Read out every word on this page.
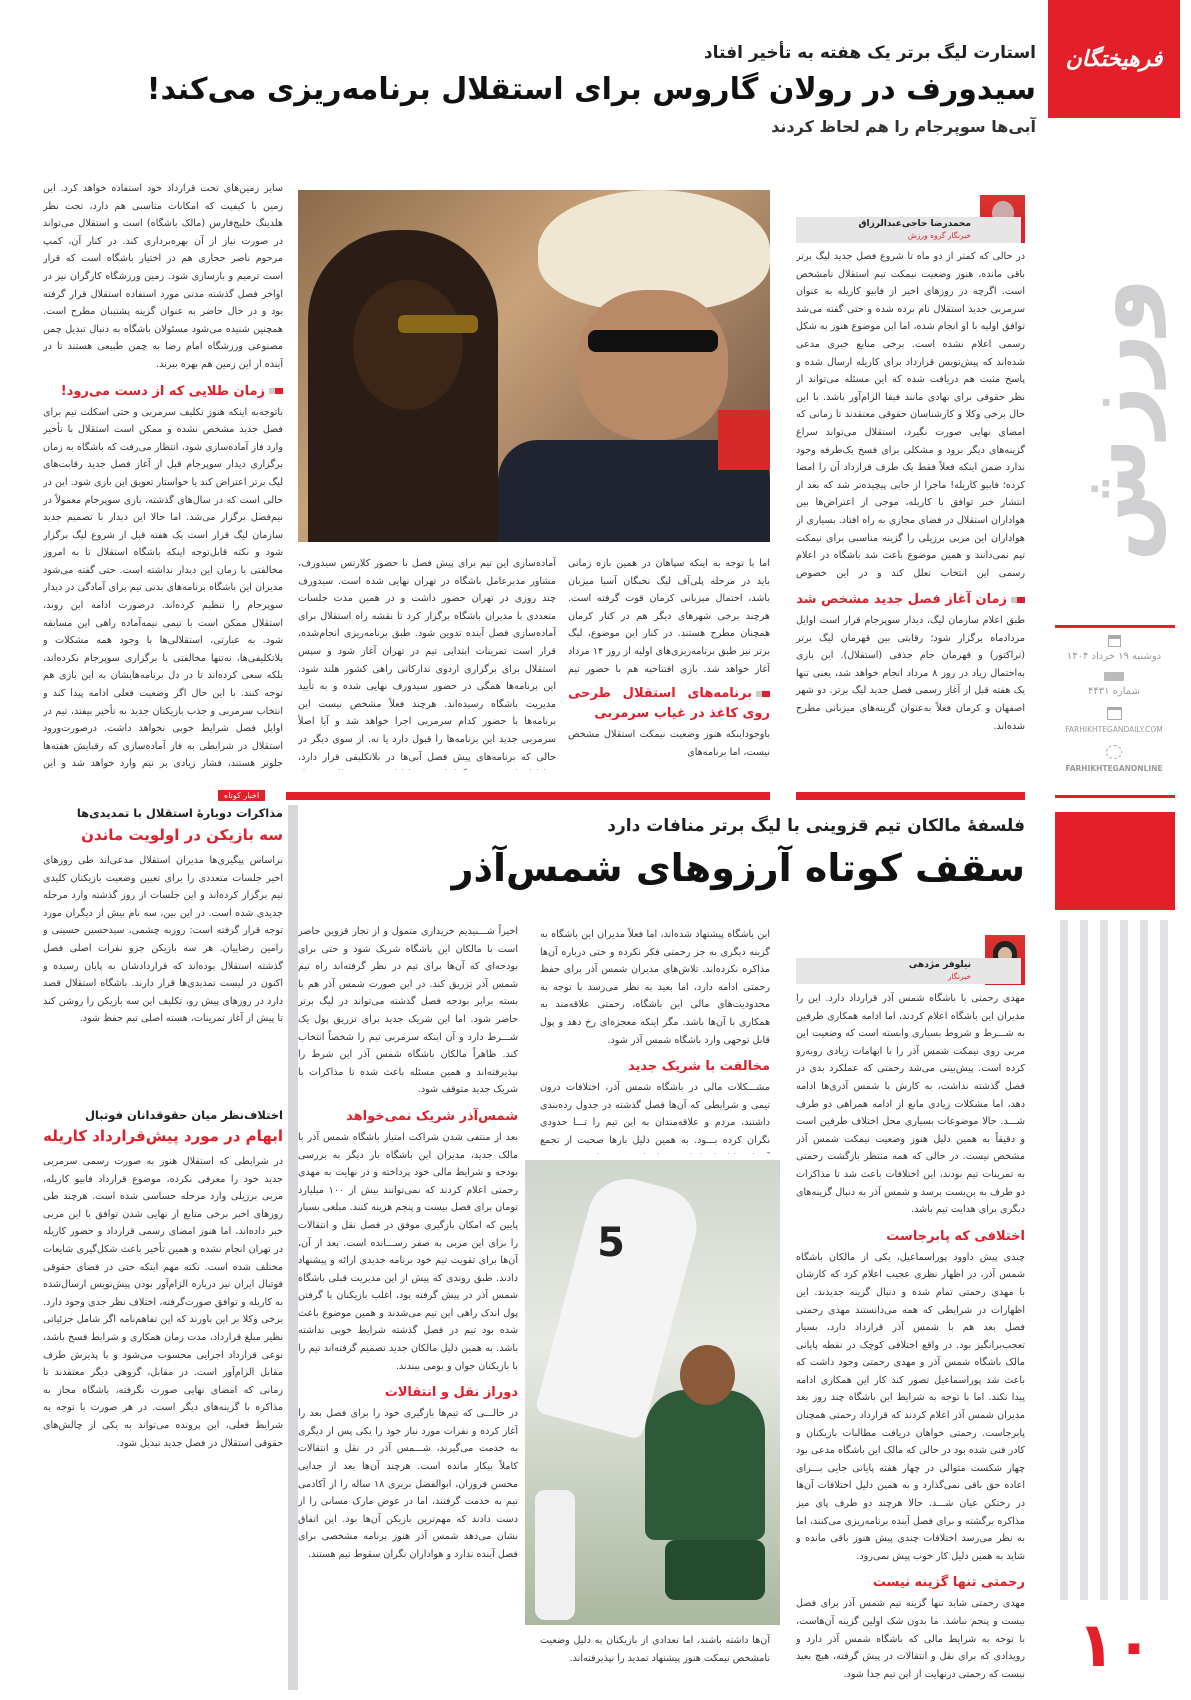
فرهیختگان
ورزش
دوشنبه ۱۹ خرداد ۱۴۰۴
شماره ۴۴۳۱
FARHIKHTEGANDAILY.COM
FARHIKHTEGANONLINE
۱۰
استارت لیگ برتر یک هفته به تأخیر افتاد
سیدورف در رولان گاروس برای استقلال برنامه‌ریزی می‌کند!
آبی‌ها سوپرجام را هم لحاظ کردند
محمدرضا حاجی‌عبدالرزاق
خبرنگار گروه ورزش

در حالی که کمتر از دو ماه تا شروع فصل جدید لیگ برتر باقی مانده، هنوز وضعیت نیمکت تیم استقلال نامشخص است. اگرچه در روزهای اخیر از فابیو کاریله به عنوان سرمربی جدید استقلال نام برده شده و حتی گفته می‌شد توافق اولیه با او انجام شده، اما این موضوع هنوز به شکل رسمی اعلام نشده است. برخی منابع خبری مدعی شده‌اند که پیش‌نویس قرارداد برای کاریله ارسال شده و پاسخ مثبت هم دریافت شده که این مسئله می‌تواند از نظر حقوقی برای نهادی مانند فیفا الزام‌آور باشد. با این حال برخی وکلا و کارشناسان حقوقی معتقدند تا زمانی که امضای نهایی صورت نگیرد، استقلال می‌تواند سراغ گزینه‌های دیگر برود و مشکلی برای فسخ یک‌طرفه وجود ندارد ضمن اینکه فعلاً فقط یک طرف قرارداد آن را امضا کرده؛ فابیو کاریله! ماجرا از جایی پیچیده‌تر شد که بعد از انتشار خبر توافق با کاریله، موجی از اعتراض‌ها بین هواداران استقلال در فضای مجازی به راه افتاد. بسیاری از هواداران این مربی برزیلی را گزینه مناسبی برای نیمکت تیم نمی‌دانند و همین موضوع باعث شد باشگاه در اعلام رسمی این انتخاب تعلل کند و در این خصوص

زمان آغاز فصل جدید مشخص شد

طبق اعلام سازمان لیگ، دیدار سوپرجام قرار است اوایل مردادماه برگزار شود؛ رقابتی بین قهرمان لیگ برتر (تراکتور) و قهرمان جام حذفی (استقلال). این بازی به‌احتمال زیاد در روز ۸ مرداد انجام خواهد شد، یعنی تنها یک هفته قبل از آغاز رسمی فصل جدید لیگ برتر. دو شهر اصفهان و کرمان فعلاً به‌عنوان گزینه‌های میزبانی مطرح شده‌اند.

اما با توجه به اینکه سپاهان در همین بازه زمانی باید در مرحله پلی‌آف لیگ نخبگان آسیا میزبان باشد، احتمال میزبانی کرمان قوت گرفته است. هرچند برخی شهرهای دیگر هم در کنار کرمان همچنان مطرح هستند. در کنار این موضوع، لیگ برتر نیز طبق برنامه‌ریزی‌های اولیه از روز ۱۴ مرداد آغاز خواهد شد. بازی افتتاحیه هم با حضور تیم

برنامه‌های استقلال طرحی روی کاغذ در غیاب سرمربی

باوجوداینکه هنوز وضعیت نیمکت استقلال مشخص نیست، اما برنامه‌های

آماده‌سازی این تیم برای پیش فصل با حضور کلارنس سیدورف، مشاور مدیرعامل باشگاه در تهران نهایی شده است. سیدورف چند روزی در تهران حضور داشت و در همین مدت جلسات متعددی با مدیران باشگاه برگزار کرد تا نقشه راه استقلال برای آماده‌سازی فصل آینده تدوین شود. طبق برنامه‌ریزی انجام‌شده، قرار است تمرینات ابتدایی تیم در تهران آغاز شود و سپس استقلال برای برگزاری اردوی تدارکاتی راهی کشور هلند شود. این برنامه‌ها همگی در حضور سیدورف نهایی شده و به تأیید مدیریت باشگاه رسیده‌اند. هرچند فعلاً مشخص نیست این برنامه‌ها با حضور کدام سرمربی اجرا خواهد شد و آیا اصلاً سرمربی جدید این برنامه‌ها را قبول دارد یا نه. از سوی دیگر در حالی که برنامه‌های پیش فصل آبی‌ها در بلاتکلیفی قرار دارد،

سایر زمین‌های تحت قرارداد خود استفاده خواهد کرد. این زمین با کیفیت که امکانات مناسبی هم دارد، تحت نظر هلدینگ خلیج‌فارس (مالک باشگاه) است و استقلال می‌تواند در صورت نیاز از آن بهره‌برداری کند. در کنار آن، کمپ مرحوم ناصر حجازی هم در اختیار باشگاه است که قرار است ترمیم و بازسازی شود. زمین ورزشگاه کارگران نیز در اواخر فصل گذشته مدتی مورد استفاده استقلال قرار گرفته بود و در حال حاضر به عنوان گزینه پشتیبان مطرح است. همچنین شنیده می‌شود مسئولان باشگاه به دنبال تبدیل چمن مصنوعی ورزشگاه امام رضا به چمن طبیعی هستند تا در آینده از این زمین هم بهره ببرند.

زمان طلایی که از دست می‌رود!

باتوجه‌به اینکه هنوز تکلیف سرمربی و حتی اسکلت تیم برای فصل جدید مشخص نشده و ممکن است استقلال با تأخیر وارد فاز آماده‌سازی شود، انتظار می‌رفت که باشگاه به زمان برگزاری دیدار سوپرجام قبل از آغاز فصل جدید رقابت‌های لیگ برتر اعتراض کند یا خواستار تعویق این بازی شود. این در حالی است که در سال‌های گذشته، بازی سوپرجام معمولاً در نیم‌فصل برگزار می‌شد. اما حالا این دیدار با تصمیم جدید سازمان لیگ قرار است یک هفته قبل از شروع لیگ برگزار شود و نکته قابل‌توجه اینکه باشگاه استقلال تا به امروز مخالفتی با زمان این دیدار نداشته است. حتی گفته می‌شود مدیران این باشگاه برنامه‌های بدنی تیم برای آمادگی در دیدار سوپرجام را تنظیم کرده‌اند. درصورت ادامه این روند، استقلال ممکن است با تیمی نیمه‌آماده راهی این مسابقه شود. به عبارتی، استقلالی‌ها با وجود همه مشکلات و بلاتکلیفی‌ها، نه‌تنها مخالفتی با برگزاری سوپرجام نکرده‌اند، بلکه سعی کرده‌اند تا در دل برنامه‌هایشان به این بازی هم توجه کنند. با این حال اگر وضعیت فعلی ادامه پیدا کند و انتخاب سرمربی و جذب بازیکنان جدید به تأخیر بیفتد، تیم در اوایل فصل شرایط خوبی نخواهد داشت. درصورت‌ورود استقلال در شرایطی به فاز آماده‌سازی که رقبایش هفته‌ها جلوتر هستند، فشار زیادی بر تیم وارد خواهد شد و این

فلسفهٔ مالکان تیم قزوینی با لیگ برتر منافات دارد
سقف کوتاه آرزوهای شمس‌آذر
نیلوفر مژدهی
خبرنگار

مهدی رحمتی با باشگاه شمس آذر قرارداد دارد. این را مدیران این باشگاه اعلام کردند، اما ادامه همکاری طرفین به شـــرط و شروط بسیاری وابسته است که وضعیت این مربی روی نیمکت شمس آذر را با ابهامات زیادی روبه‌رو کرده است. پیش‌بینی می‌شد رحمتی که عملکرد بدی در فصل گذشته نداشت، به کارش با شمس آذری‌ها ادامه دهد، اما مشکلات زیادی مانع از ادامه همراهی دو طرف شـــد. حالا موضوعات بسیاری محل اختلاف طرفین است و دقیقاً به همین دلیل هنوز وضعیت نیمکت شمس آذر مشخص نیست. در حالی که همه منتظر بازگشت رحمتی به تمرینات تیم بودند، این اختلافات باعث شد تا مذاکرات دو طرف به بن‌بست برسد و شمس آذر به دنبال گزینه‌های دیگری برای هدایت تیم باشد.

اختلافی که پابرجاست

چندی پیش داوود پوراسماعیل، یکی از مالکان باشگاه شمس آذر، در اظهار نظری عجیب اعلام کرد که کارشان با مهدی رحمتی تمام شده و دنبال گزینه جدیدند. این اظهارات در شرایطی که همه می‌دانستند مهدی رحمتی فصل بعد هم با شمس آذر قرارداد دارد، بسیار تعجب‌برانگیز بود. در واقع اختلافی کوچک در نقطه پایانی مالک باشگاه شمس آذر و مهدی رحمتی وجود داشت که باعث شد پوراسماعیل تصور کند کار این همکاری ادامه پیدا نکند. اما با توجه به شرایط این باشگاه چند روز بعد مدیران شمس آذر اعلام کردند که قرارداد رحمتی همچنان پابرجاست. رحمتی خواهان دریافت مطالبات بازیکنان و کادر فنی شده بود در حالی که مالک این باشگاه مدعی بود چهار شکست متوالی در چهار هفته پایانی جایی بـــرای اعاده حق باقی نمی‌گذارد و به همین دلیل اختلافات آن‌ها در رختکن عیان شـــد. حالا هرچند دو طرف پای میز مذاکره برگشته و برای فصل آینده برنامه‌ریزی می‌کنند، اما به نظر می‌رسد اختلافات چندی پیش هنوز باقی مانده و شاید به همین دلیل کار خوب پیش نمی‌رود.

رحمتی تنها گزینه نیست

مهدی رحمتی شاید تنها گزینه تیم شمس آذر برای فصل بیست و پنجم نباشد. ما بدون شک اولین گزینه آن‌هاست، با توجه به شرایط مالی که باشگاه شمس آذر دارد و رویدادی که برای نقل و انتقالات در پیش گرفته، هیچ بعید نیست که رحمتی درنهایت از این تیم جدا شود.

این باشگاه پیشنهاد شده‌اند، اما فعلاً مدیران این باشگاه به گزینه دیگری به جز رحمتی فکر نکرده و حتی درباره آن‌ها مذاکره نکرده‌اند. تلاش‌های مدیران شمس آذر برای حفظ رحمتی ادامه دارد، اما بعید به نظر می‌رسد با توجه به محدودیت‌های مالی این باشگاه، رحمتی علاقه‌مند به همکاری با آن‌ها باشد. مگر اینکه معجزه‌ای رخ دهد و پول قابل توجهی وارد باشگاه شمس آذر شود.

مخالفت با شریک جدید

مشـــکلات مالی در باشگاه شمس آذر، اختلافات درون تیمی و شرایطی که آن‌ها فصل گذشته در جدول رده‌بندی داشتند، مردم و علاقه‌مندان به این تیم را تـــا حدودی نگران کرده بـــود. به همین دلیل بارها صحبت از تجمع

5

آن‌ها داشته باشند، اما تعدادی از بازیکنان به دلیل وضعیت نامشخص نیمکت هنوز پیشنهاد تمدید را نپذیرفته‌اند.

اخیراً شـــنیدیم خریداری متمول و از تجار قزوین حاضر است با مالکان این باشگاه شریک شود و حتی برای بودجه‌ای که آن‌ها برای تیم در نظر گرفته‌اند راه تیم شمس آذر تزریق کند. در این صورت شمس آذر هم با بسته برابر بودجه فصل گذشته می‌تواند در لیگ برتر حاضر شود. اما این شریک جدید برای تزریق پول یک شـــرط دارد و آن اینکه سرمربی تیم را شخصاً انتخاب کند. ظاهراً مالکان باشگاه شمس آذر این شرط را نپذیرفته‌اند و همین مسئله باعث شده تا مذاکرات با شریک جدید متوقف شود.

شمس‌آذر شریک نمی‌خواهد

بعد از منتفی شدن شراکت امتیاز باشگاه شمس آذر با مالک جدید، مدیران این باشگاه بار دیگر به بررسی بودجه و شرایط مالی خود پرداخته و در نهایت به مهدی رحمتی اعلام کردند که نمی‌توانند بیش از ۱۰۰ میلیارد تومان برای فصل بیست و پنجم هزینه کنند. مبلغی بسیار پایین که امکان بازگیری موفق در فصل نقل و انتقالات را برای این مربی به صفر رســـانده است. بعد از آن، آن‌ها برای تقویت تیم خود برنامه جدیدی ارائه و پیشنهاد دادند. طبق روندی که پیش از این مدیریت قبلی باشگاه شمس آذر در پیش گرفته بود، اغلب بازیکنان با گرفتن پول اندک راهی این تیم می‌شدند و همین موضوع باعث شده بود تیم در فصل گذشته شرایط خوبی نداشته باشد. به همین دلیل مالکان جدید تصمیم گرفته‌اند تیم را با بازیکنان جوان و بومی ببندند.

دوراز نقل و انتقالات

در حالـــی که تیم‌ها بازگیری خود را برای فصل بعد را آغاز کرده و نفرات مورد نیاز خود را یکی پس از دیگری به خدمت می‌گیرند، شـــمس آذر در نقل و انتقالات کاملاً بیکار مانده است. هرچند آن‌ها بعد از جدایی محسن فروزان، ابوالفضل بریری ۱۸ ساله را از آکادمی تیم به خدمت گرفتند، اما در عوض مارک مسانی را از دست دادند که مهم‌ترین بازیکن آن‌ها بود. این اتفاق نشان می‌دهد شمس آذر هنوز برنامه مشخصی برای فصل آینده ندارد و هواداران نگران سقوط تیم هستند.

اخبار کوتاه
مذاکرات دوبارهٔ استقلال با تمدیدی‌ها
سه بازیکن در اولویت ماندن

براساس پیگیری‌ها مدیران استقلال مدعی‌اند طی روزهای اخیر جلسات متعددی را برای تعیین وضعیت بازیکنان کلیدی تیم برگزار کرده‌اند و این جلسات از روز گذشته وارد مرحله جدیدی شده است. در این بین، سه نام بیش از دیگران مورد توجه قرار گرفته است: روزبه چشمی، سیدحسین حسینی و رامین رضاییان. هر سه بازیکن جزو نفرات اصلی فصل گذشته استقلال بوده‌اند که قراردادشان به پایان رسیده و اکنون در لیست تمدیدی‌ها قرار دارند. باشگاه استقلال قصد دارد در روزهای پیش رو، تکلیف این سه بازیکن را روشن کند تا پیش از آغاز تمرینات، هسته اصلی تیم حفظ شود.

اختلاف‌نظر میان حقوقدانان فوتبال
ابهام در مورد پیش‌قرارداد کاریله

در شرایطی که استقلال هنوز به صورت رسمی سرمربی جدید خود را معرفی نکرده، موضوع قرارداد فابیو کاریله، مربی برزیلی وارد مرحله حساسی شده است. هرچند طی روزهای اخیر برخی منابع از نهایی شدن توافق با این مربی خبر داده‌اند، اما هنوز امضای رسمی قرارداد و حضور کاریله در تهران انجام نشده و همین تأخیر باعث شکل‌گیری شایعات مختلف شده است. نکته مهم اینکه حتی در فضای حقوقی فوتبال ایران نیز درباره الزام‌آور بودن پیش‌نویس ارسال‌شده به کاریله و توافق صورت‌گرفته، اختلاف نظر جدی وجود دارد. برخی وکلا بر این باورند که این تفاهم‌نامه اگر شامل جزئیاتی نظیر مبلغ قرارداد، مدت زمان همکاری و شرایط فسخ باشد، نوعی قرارداد اجرایی محسوب می‌شود و با پذیرش طرف مقابل الزام‌آور است. در مقابل، گروهی دیگر معتقدند تا زمانی که امضای نهایی صورت نگرفته، باشگاه مجاز به مذاکره با گزینه‌های دیگر است. در هر صورت با توجه به شرایط فعلی، این پرونده می‌تواند به یکی از چالش‌های حقوقی استقلال در فصل جدید تبدیل شود.
